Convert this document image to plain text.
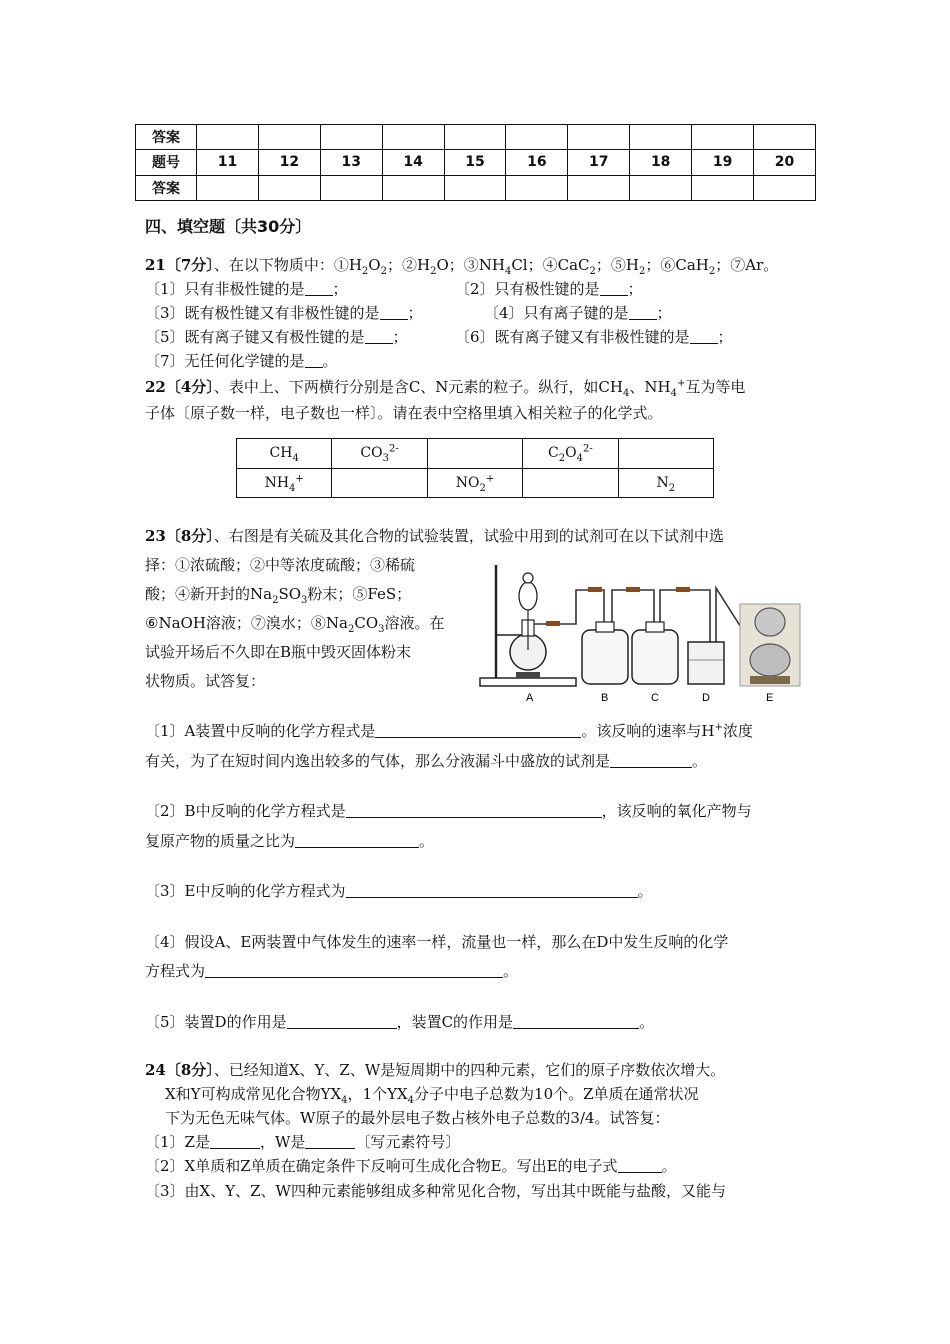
答案										
题号	11	12	13	14	15	16	17	18	19	20
答案										
四、填空题〔共30分〕
21〔7分〕、在以下物质中：$①H_2O_2$；$②H_2O$；$③NH_4Cl$；④CaC$_2$；$⑤H_2$；⑥CaH$_2$；⑦Ar。
〔1〕只有非极性键的是 ；	〔2〕只有极性键的是 ；
〔3〕既有极性键又有非极性键的是 ；	〔4〕只有离子键的是 ；
〔5〕既有离子键又有极性键的是 ；	〔6〕既有离子键又有非极性键的是 ；
〔7〕无任何化学键的是 。
22〔4分〕、表中上、下两横行分别是含C、N元素的粒子。纵行，如$CH_4$、$NH_4^+$互为等电
子体〔原子数一样，电子数也一样〕。请在表中空格里填入相关粒子的化学式。
$CH_4$	$CO_3^{2-}$		$C_2O_4^{2-}$	
$NH_4^+$		$NO_2^+$		$N_2$
23〔8分〕、右图是有关硫及其化合物的试验装置，试验中用到的试剂可在以下试剂中选
择：①浓硫酸；②中等浓度硫酸；③稀硫
酸；④新开封的$Na_2SO_3$粉末；⑤FeS；
⑥NaOH溶液；⑦溴水；$⑧Na_2CO_3$溶液。在
试验开场后不久即在B瓶中毁灭固体粉末
状物质。试答复：
A	B	C	D	E
〔1〕A装置中反响的化学方程式是	。该反响的速率与H+浓度
有关，为了在短时间内逸出较多的气体，那么分液漏斗中盛放的试剂是	。
〔2〕B中反响的化学方程式是	，该反响的氧化产物与
复原产物的质量之比为	。
〔3〕E中反响的化学方程式为	。
〔4〕假设A、E两装置中气体发生的速率一样，流量也一样，那么在D中发生反响的化学
方程式为	。
〔5〕装置D的作用是	，装置C的作用是	。
24〔8分〕、已经知道X、Y、Z、W是短周期中的四种元素，它们的原子序数依次增大。
X和Y可构成常见化合物$YX_4$，1个$YX_4$分子中电子总数为10个。Z单质在通常状况
下为无色无味气体。W原子的最外层电子数占核外电子总数的3/4。试答复：
〔1〕Z是	，W是	〔写元素符号〕
〔2〕X单质和Z单质在确定条件下反响可生成化合物E。写出E的电子式	。
〔3〕由X、Y、Z、W四种元素能够组成多种常见化合物，写出其中既能与盐酸，又能与
